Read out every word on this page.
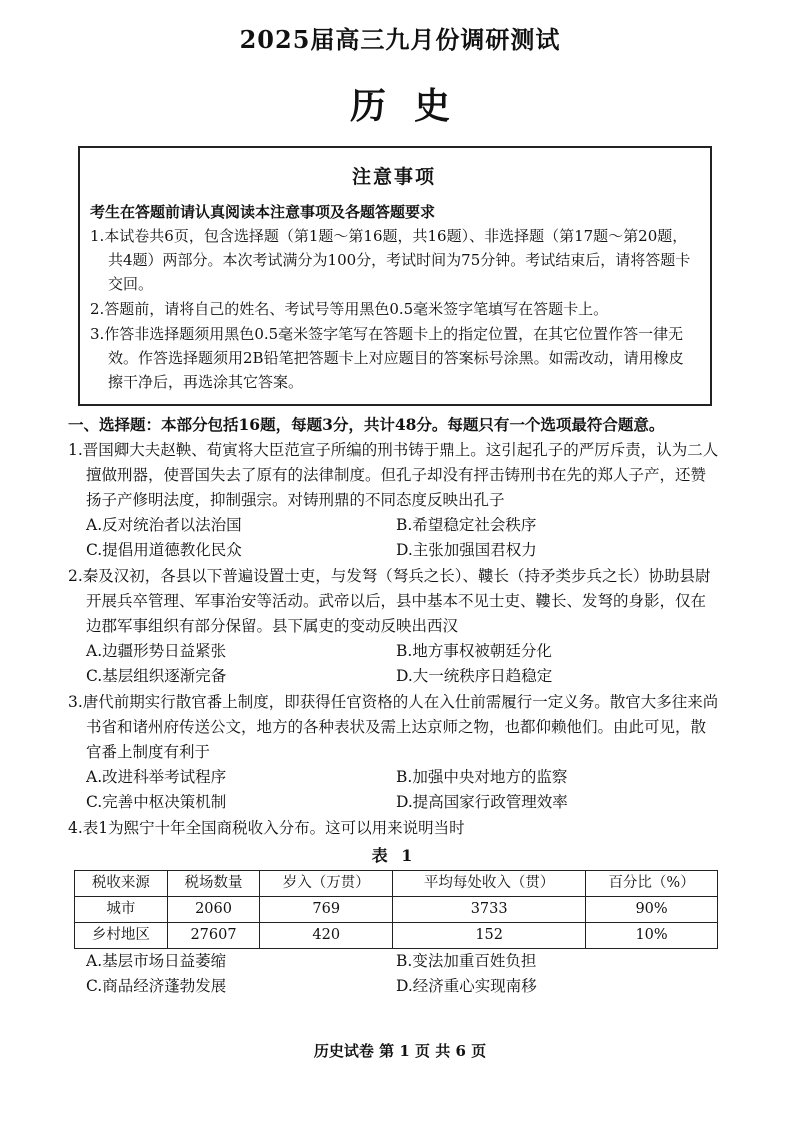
2025届高三九月份调研测试
历史
注意事项
考生在答题前请认真阅读本注意事项及各题答题要求
1.本试卷共6页，包含选择题（第1题～第16题，共16题）、非选择题（第17题～第20题，共4题）两部分。本次考试满分为100分，考试时间为75分钟。考试结束后，请将答题卡交回。
2.答题前，请将自己的姓名、考试号等用黑色0.5毫米签字笔填写在答题卡上。
3.作答非选择题须用黑色0.5毫米签字笔写在答题卡上的指定位置，在其它位置作答一律无效。作答选择题须用2B铅笔把答题卡上对应题目的答案标号涂黑。如需改动，请用橡皮擦干净后，再选涂其它答案。
一、选择题：本部分包括16题，每题3分，共计48分。每题只有一个选项最符合题意。
1.晋国卿大夫赵鞅、荀寅将大臣范宣子所编的刑书铸于鼎上。这引起孔子的严厉斥责，认为二人擅做刑器，使晋国失去了原有的法律制度。但孔子却没有抨击铸刑书在先的郑人子产，还赞扬子产修明法度，抑制强宗。对铸刑鼎的不同态度反映出孔子
A.反对统治者以法治国	B.希望稳定社会秩序
C.提倡用道德教化民众	D.主张加强国君权力
2.秦及汉初，各县以下普遍设置士吏，与发弩（弩兵之长）、鞻长（持矛类步兵之长）协助县尉开展兵卒管理、军事治安等活动。武帝以后，县中基本不见士吏、鞻长、发弩的身影，仅在边郡军事组织有部分保留。县下属吏的变动反映出西汉
A.边疆形势日益紧张	B.地方事权被朝廷分化
C.基层组织逐渐完备	D.大一统秩序日趋稳定
3.唐代前期实行散官番上制度，即获得任官资格的人在入仕前需履行一定义务。散官大多往来尚书省和诸州府传送公文，地方的各种表状及需上达京师之物，也都仰赖他们。由此可见，散官番上制度有利于
A.改进科举考试程序	B.加强中央对地方的监察
C.完善中枢决策机制	D.提高国家行政管理效率
4.表1为熙宁十年全国商税收入分布。这可以用来说明当时
表 1
税收来源	税场数量	岁入（万贯）	平均每处收入（贯）	百分比（%）
城市	2060	769	3733	90%
乡村地区	27607	420	152	10%
A.基层市场日益萎缩	B.变法加重百姓负担
C.商品经济蓬勃发展	D.经济重心实现南移
历史试卷 第 1 页 共 6 页
